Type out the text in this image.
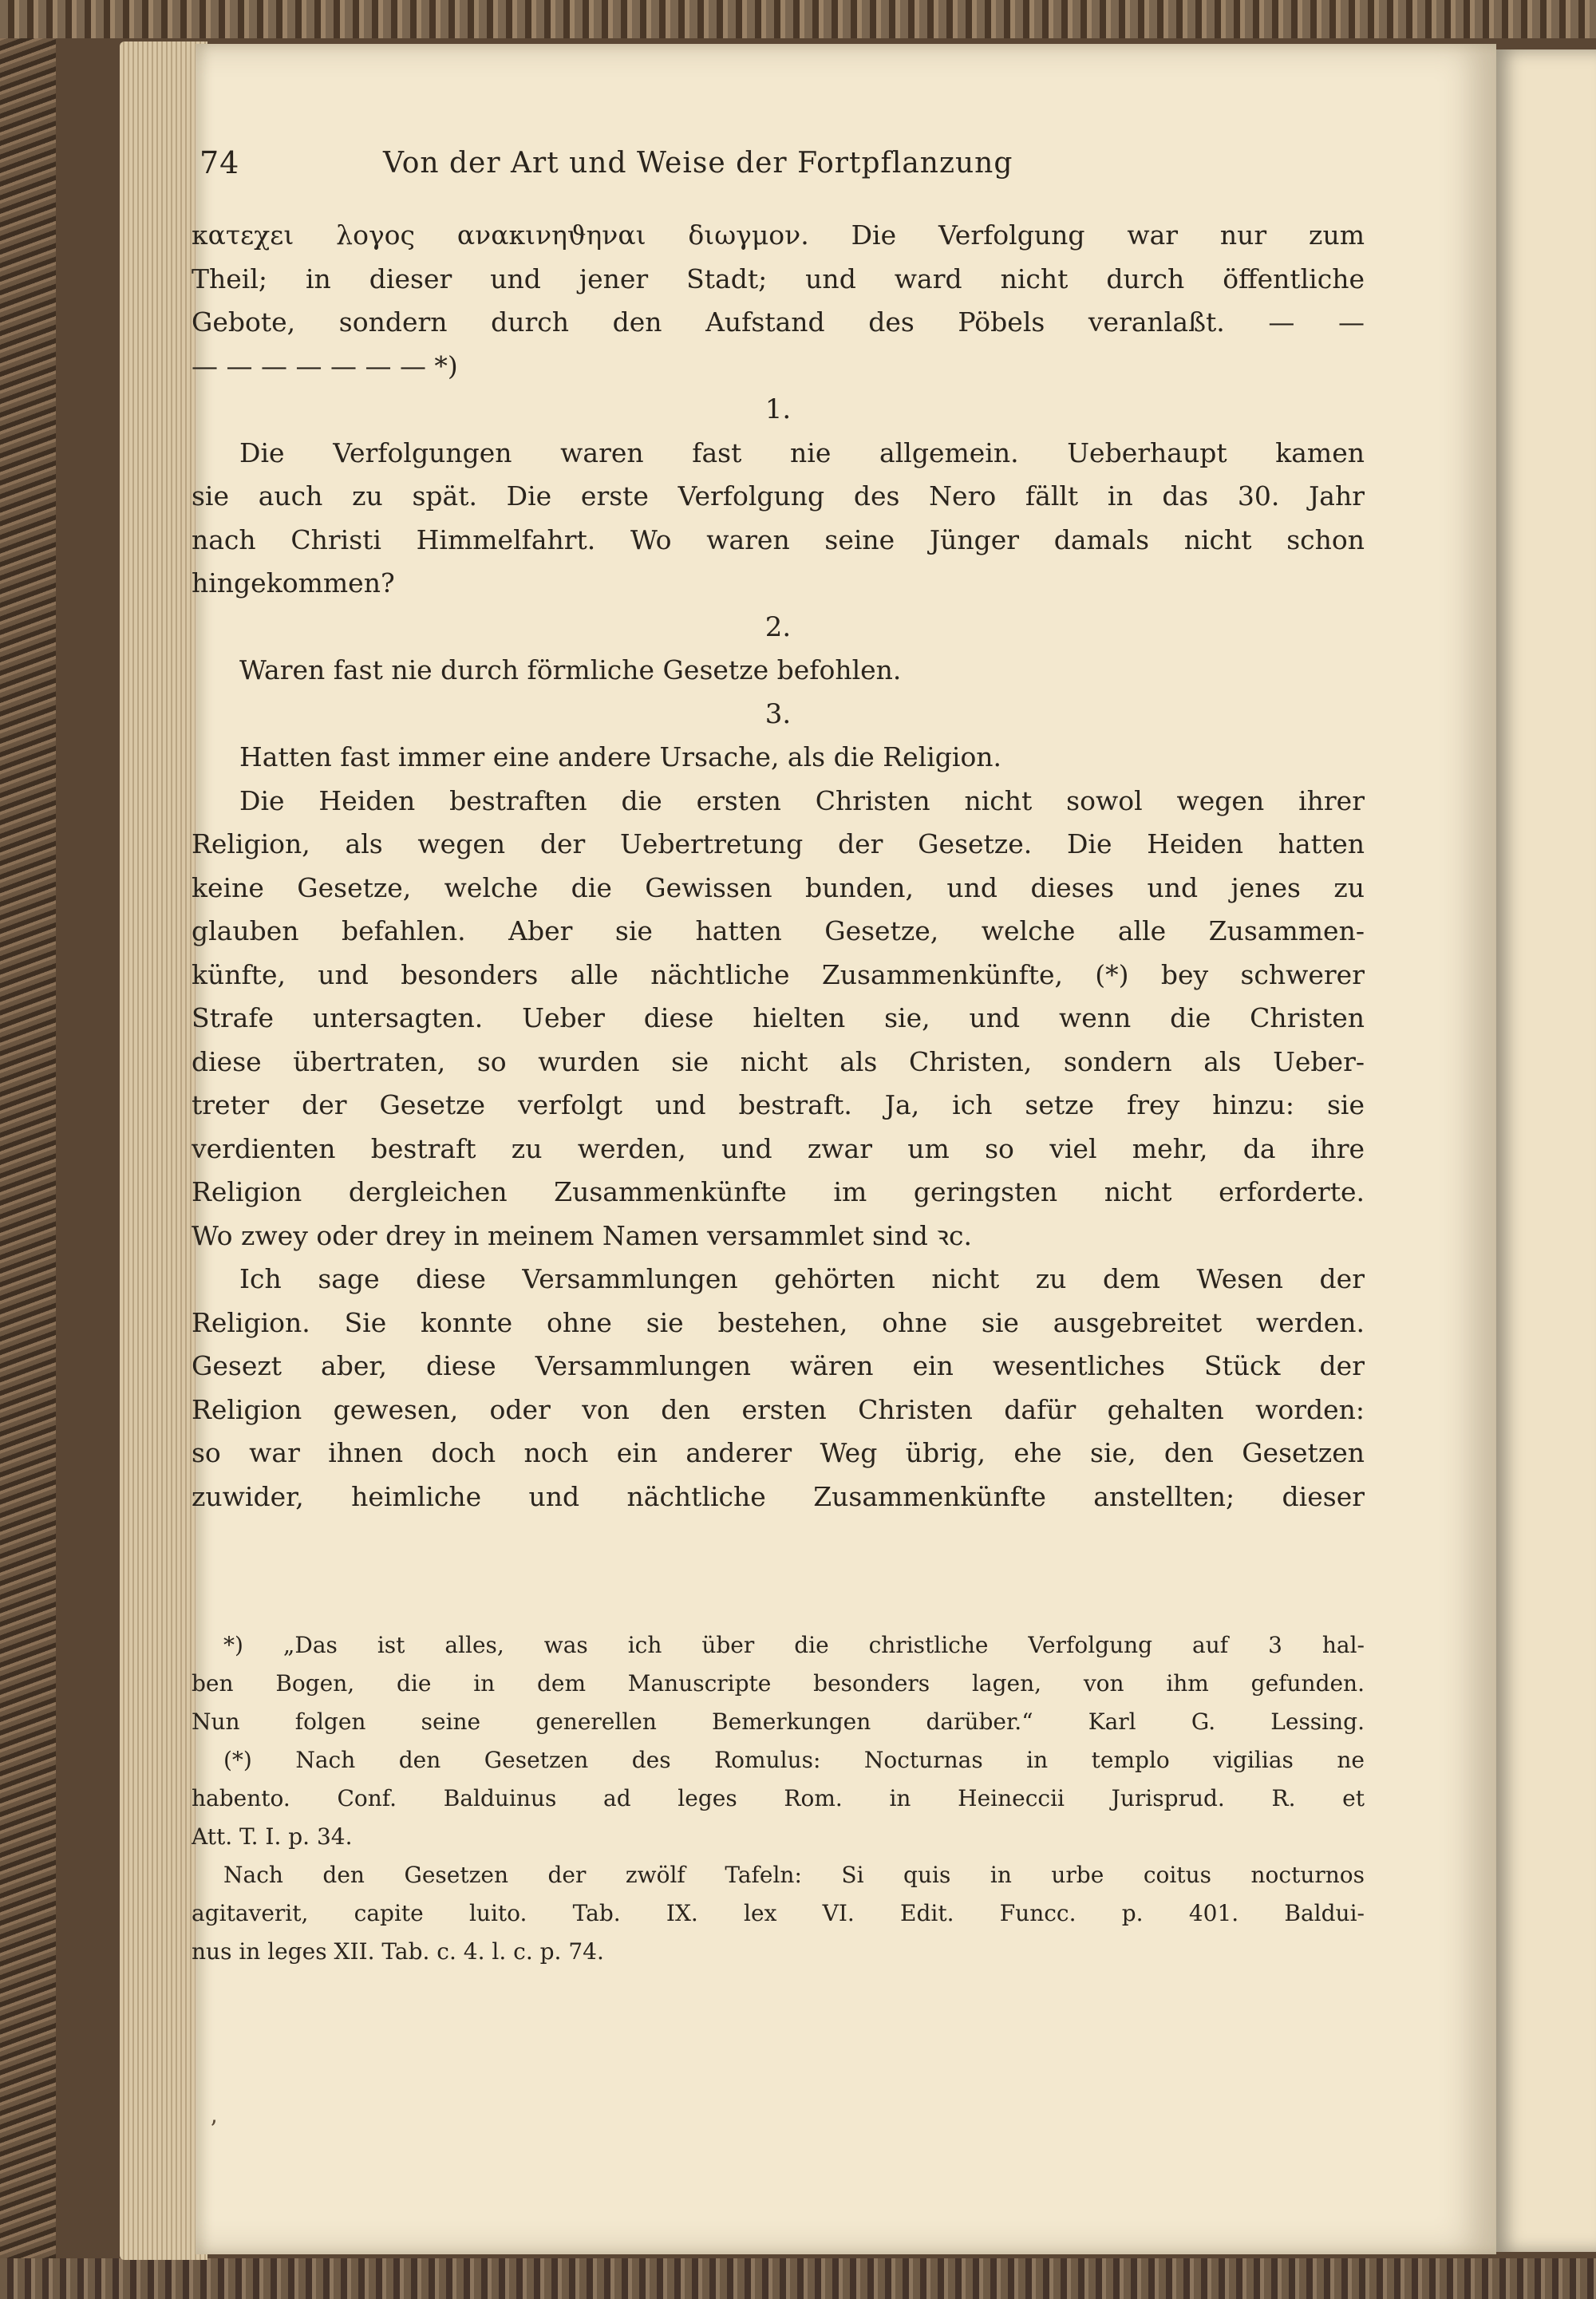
74	Von der Art und Weise der Fortpflanzung
κατεχει λογος ανακινηϑηναι διωγμον. Die Verfolgung war nur zum
Theil; in dieser und jener Stadt; und ward nicht durch öffentliche
Gebote, sondern durch den Aufstand des Pöbels veranlaßt. — —
— — — — — — — *)
1.
Die Verfolgungen waren fast nie allgemein. Ueberhaupt kamen
sie auch zu spät. Die erste Verfolgung des Nero fällt in das 30. Jahr
nach Christi Himmelfahrt. Wo waren seine Jünger damals nicht schon
hingekommen?
2.
Waren fast nie durch förmliche Gesetze befohlen.
3.
Hatten fast immer eine andere Ursache, als die Religion.
Die Heiden bestraften die ersten Christen nicht sowol wegen ihrer
Religion, als wegen der Uebertretung der Gesetze. Die Heiden hatten
keine Gesetze, welche die Gewissen bunden, und dieses und jenes zu
glauben befahlen. Aber sie hatten Gesetze, welche alle Zusammen-
künfte, und besonders alle nächtliche Zusammenkünfte, (*) bey schwerer
Strafe untersagten. Ueber diese hielten sie, und wenn die Christen
diese übertraten, so wurden sie nicht als Christen, sondern als Ueber-
treter der Gesetze verfolgt und bestraft. Ja, ich setze frey hinzu: sie
verdienten bestraft zu werden, und zwar um so viel mehr, da ihre
Religion dergleichen Zusammenkünfte im geringsten nicht erforderte.
Wo zwey oder drey in meinem Namen versammlet sind ꝛc.
Ich sage diese Versammlungen gehörten nicht zu dem Wesen der
Religion. Sie konnte ohne sie bestehen, ohne sie ausgebreitet werden.
Gesezt aber, diese Versammlungen wären ein wesentliches Stück der
Religion gewesen, oder von den ersten Christen dafür gehalten worden:
so war ihnen doch noch ein anderer Weg übrig, ehe sie, den Gesetzen
zuwider, heimliche und nächtliche Zusammenkünfte anstellten; dieser
*) „Das ist alles, was ich über die christliche Verfolgung auf 3 hal-
ben Bogen, die in dem Manuscripte besonders lagen, von ihm gefunden.
Nun folgen seine generellen Bemerkungen darüber.“ Karl G. Lessing.
(*) Nach den Gesetzen des Romulus: Nocturnas in templo vigilias ne
habento. Conf. Balduinus ad leges Rom. in Heineccii Jurisprud. R. et
Att. T. I. p. 34.
Nach den Gesetzen der zwölf Tafeln: Si quis in urbe coitus nocturnos
agitaverit, capite luito. Tab. IX. lex VI. Edit. Funcc. p. 401. Baldui-
nus in leges XII. Tab. c. 4. l. c. p. 74.
ʼ
